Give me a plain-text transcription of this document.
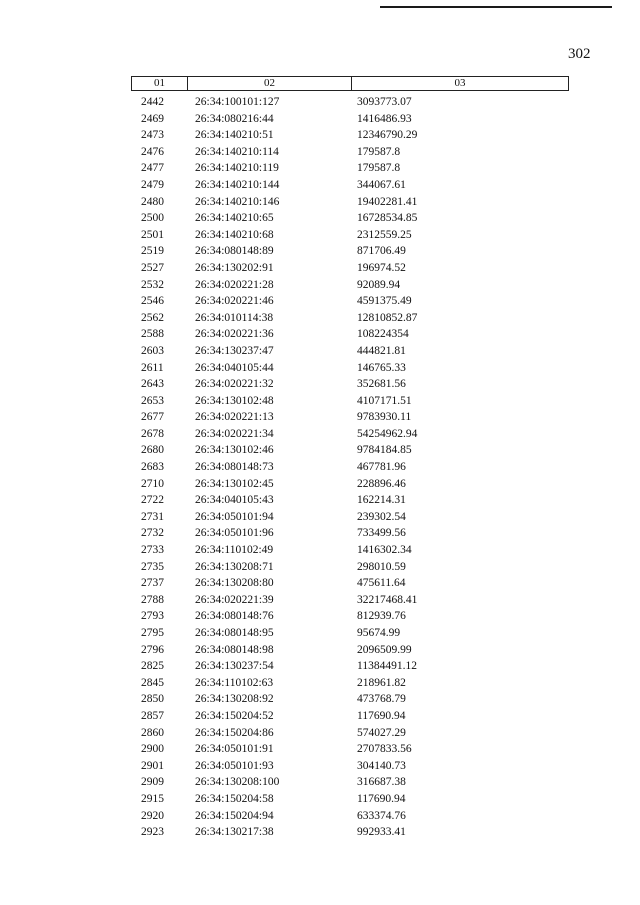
302
01	02	03
2442	26:34:100101:127	3093773.07
2469	26:34:080216:44	1416486.93
2473	26:34:140210:51	12346790.29
2476	26:34:140210:114	179587.8
2477	26:34:140210:119	179587.8
2479	26:34:140210:144	344067.61
2480	26:34:140210:146	19402281.41
2500	26:34:140210:65	16728534.85
2501	26:34:140210:68	2312559.25
2519	26:34:080148:89	871706.49
2527	26:34:130202:91	196974.52
2532	26:34:020221:28	92089.94
2546	26:34:020221:46	4591375.49
2562	26:34:010114:38	12810852.87
2588	26:34:020221:36	108224354
2603	26:34:130237:47	444821.81
2611	26:34:040105:44	146765.33
2643	26:34:020221:32	352681.56
2653	26:34:130102:48	4107171.51
2677	26:34:020221:13	9783930.11
2678	26:34:020221:34	54254962.94
2680	26:34:130102:46	9784184.85
2683	26:34:080148:73	467781.96
2710	26:34:130102:45	228896.46
2722	26:34:040105:43	162214.31
2731	26:34:050101:94	239302.54
2732	26:34:050101:96	733499.56
2733	26:34:110102:49	1416302.34
2735	26:34:130208:71	298010.59
2737	26:34:130208:80	475611.64
2788	26:34:020221:39	32217468.41
2793	26:34:080148:76	812939.76
2795	26:34:080148:95	95674.99
2796	26:34:080148:98	2096509.99
2825	26:34:130237:54	11384491.12
2845	26:34:110102:63	218961.82
2850	26:34:130208:92	473768.79
2857	26:34:150204:52	117690.94
2860	26:34:150204:86	574027.29
2900	26:34:050101:91	2707833.56
2901	26:34:050101:93	304140.73
2909	26:34:130208:100	316687.38
2915	26:34:150204:58	117690.94
2920	26:34:150204:94	633374.76
2923	26:34:130217:38	992933.41
